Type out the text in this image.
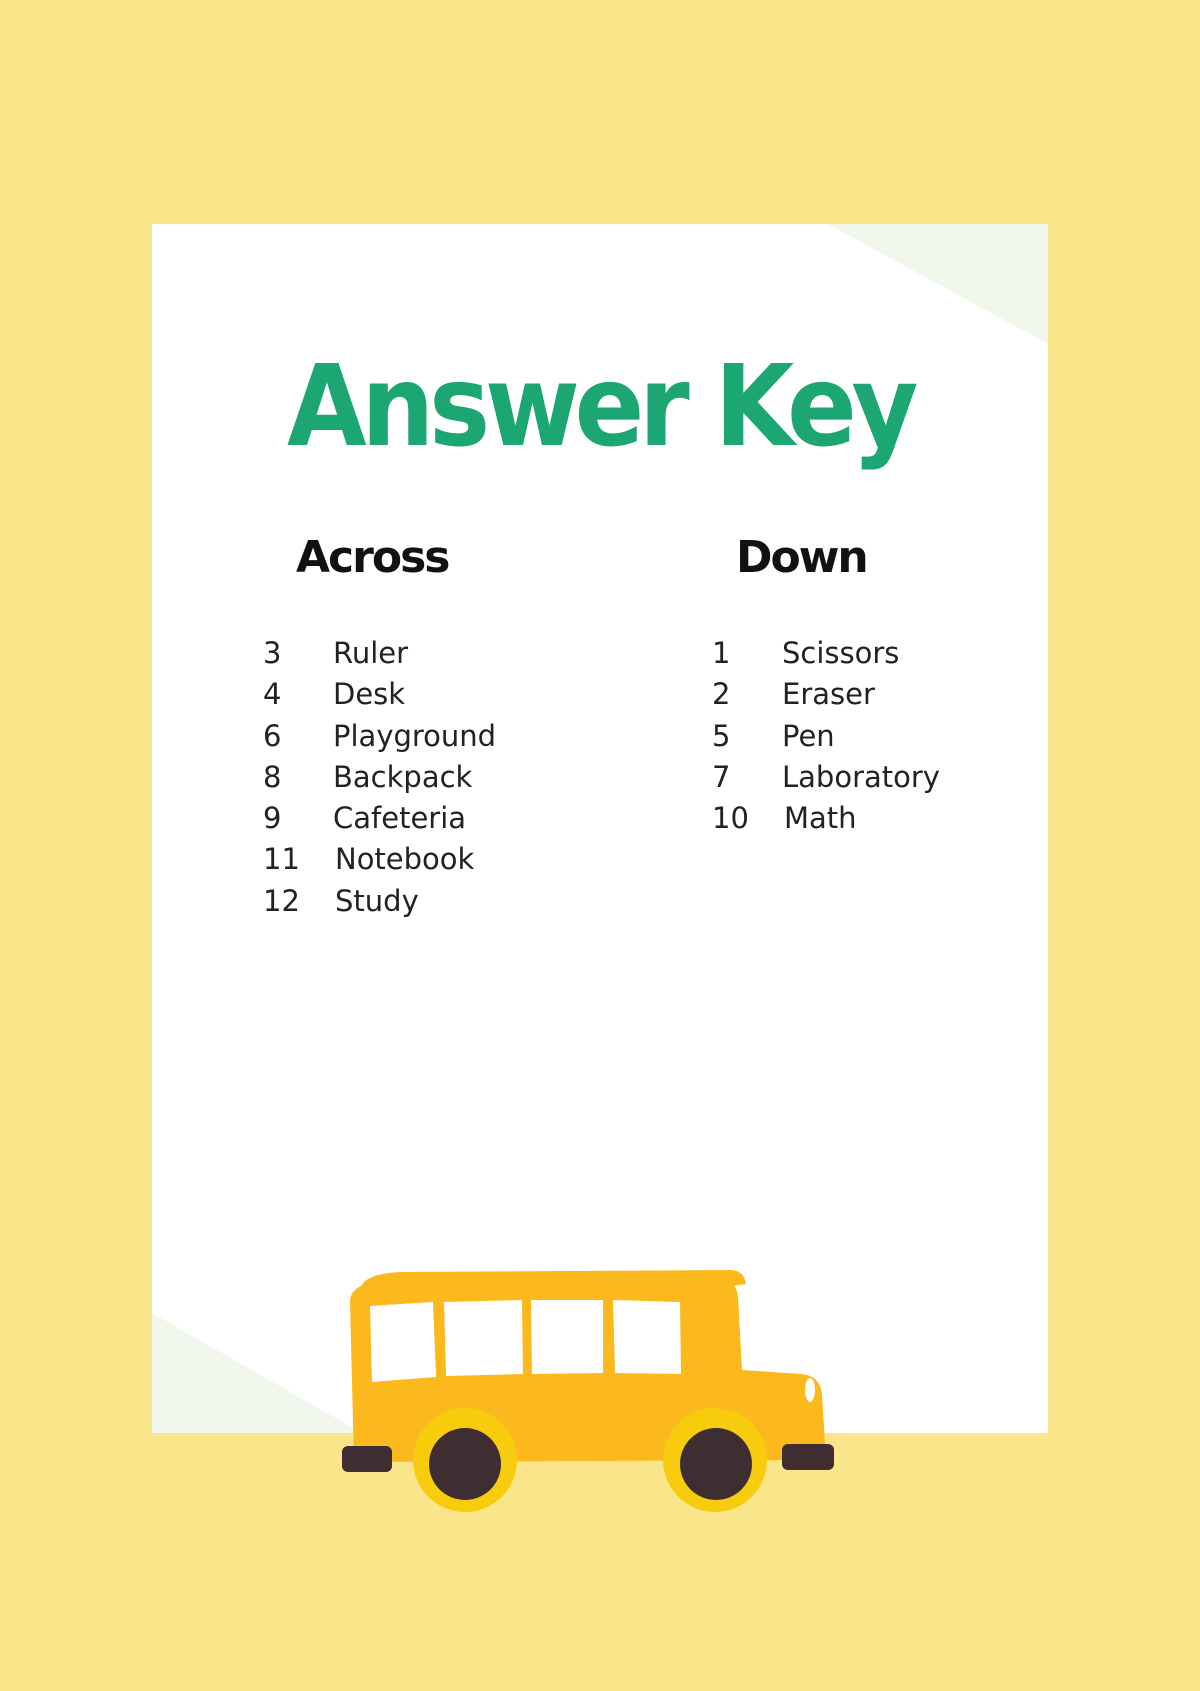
Answer Key
Across	Down
3 Ruler
4 Desk
6 Playground
8 Backpack
9 Cafeteria
11 Notebook
12 Study
1 Scissors
2 Eraser
5 Pen
7 Laboratory
10 Math
